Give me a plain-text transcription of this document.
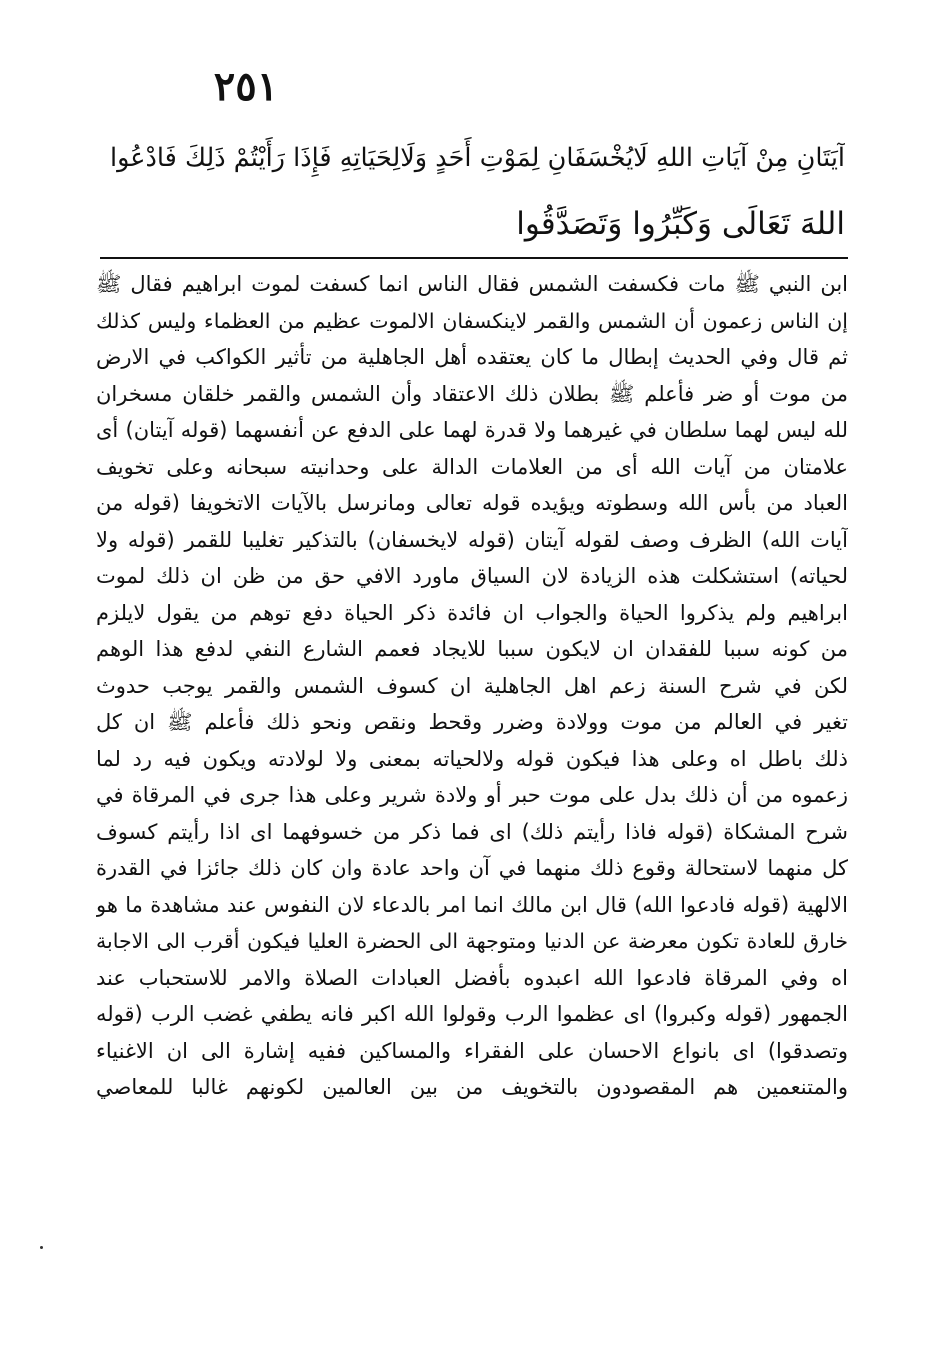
٢٥١
آيَتَانِ مِنْ آيَاتِ اللهِ لَايُخْسَفَانِ لِمَوْتِ أَحَدٍ وَلَالِحَيَاتِهِ فَإِذَا رَأَيْتُمْ ذَلِكَ فَادْعُوا
اللهَ تَعَالَى وَكَبِّرُوا وَتَصَدَّقُوا
ابن النبي ﷺ مات فكسفت الشمس فقال الناس انما كسفت لموت ابراهيم فقال ﷺ
إن الناس زعمون أن الشمس والقمر لاينكسفان الالموت عظيم من العظماء وليس كذلك
ثم قال وفي الحديث إبطال ما كان يعتقده أهل الجاهلية من تأثير الكواكب في الارض
من موت أو ضر فأعلم ﷺ بطلان ذلك الاعتقاد وأن الشمس والقمر خلقان مسخران
لله ليس لهما سلطان في غيرهما ولا قدرة لهما على الدفع عن أنفسهما (قوله آيتان) أى
علامتان من آيات الله أى من العلامات الدالة على وحدانيته سبحانه وعلى تخويف
العباد من بأس الله وسطوته ويؤيده قوله تعالى ومانرسل بالآيات الاتخويفا (قوله من
آيات الله) الظرف وصف لقوله آيتان (قوله لايخسفان) بالتذكير تغليبا للقمر (قوله ولا
لحياته) استشكلت هذه الزيادة لان السياق ماورد الافي حق من ظن ان ذلك لموت
ابراهيم ولم يذكروا الحياة والجواب ان فائدة ذكر الحياة دفع توهم من يقول لايلزم
من كونه سببا للفقدان ان لايكون سببا للايجاد فعمم الشارع النفي لدفع هذا الوهم
لكن في شرح السنة زعم اهل الجاهلية ان كسوف الشمس والقمر يوجب حدوث
تغير في العالم من موت وولادة وضرر وقحط ونقص ونحو ذلك فأعلم ﷺ ان كل
ذلك باطل اه وعلى هذا فيكون قوله ولالحياته بمعنى ولا لولادته ويكون فيه رد لما
زعموه من أن ذلك بدل على موت حبر أو ولادة شرير وعلى هذا جرى في المرقاة في
شرح المشكاة (قوله فاذا رأيتم ذلك) اى فما ذكر من خسوفهما اى اذا رأيتم كسوف
كل منهما لاستحالة وقوع ذلك منهما في آن واحد عادة وان كان ذلك جائزا في القدرة
الالهية (قوله فادعوا الله) قال ابن مالك انما امر بالدعاء لان النفوس عند مشاهدة ما هو
خارق للعادة تكون معرضة عن الدنيا ومتوجهة الى الحضرة العليا فيكون أقرب الى الاجابة
اه وفي المرقاة فادعوا الله اعبدوه بأفضل العبادات الصلاة والامر للاستحباب عند
الجمهور (قوله وكبروا) اى عظموا الرب وقولوا الله اكبر فانه يطفي غضب الرب (قوله
وتصدقوا) اى بانواع الاحسان على الفقراء والمساكين ففيه إشارة الى ان الاغنياء
والمتنعمين هم المقصودون بالتخويف من بين العالمين لكونهم غالبا للمعاصي
